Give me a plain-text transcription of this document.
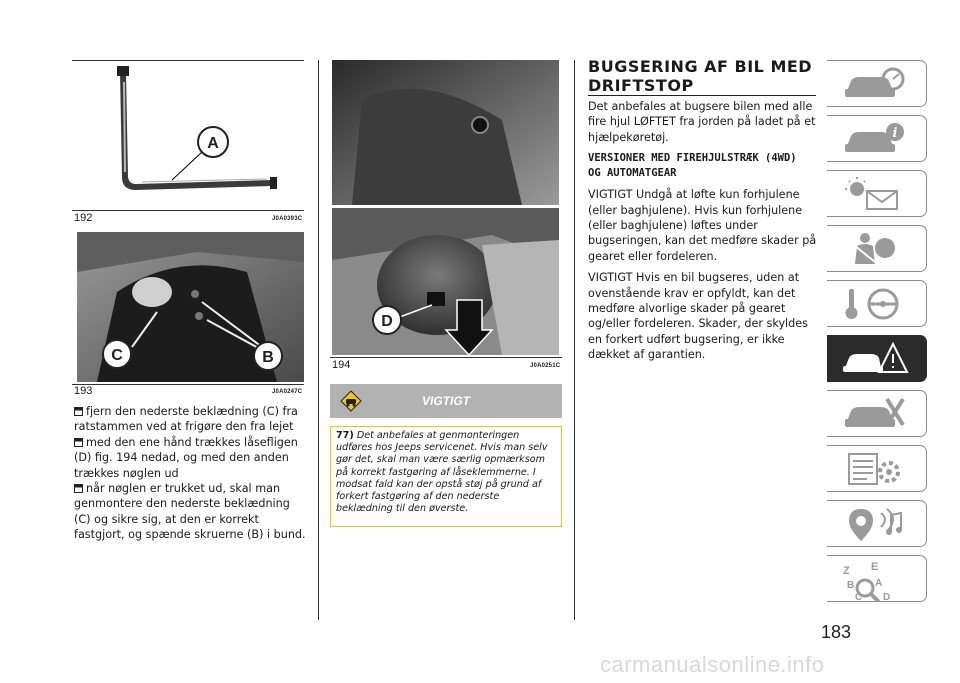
A
192	J0A0393C
C	B
193	J0A0247C
fjern den nederste beklædning (C) fra ratstammen ved at frigøre den fra lejet
med den ene hånd trækkes låsefligen (D) fig. 194 nedad, og med den anden trækkes nøglen ud
når nøglen er trukket ud, skal man genmontere den nederste beklædning (C) og sikre sig, at den er korrekt fastgjort, og spænde skruerne (B) i bund.
D
194	J0A0251C
VIGTIGT
77) Det anbefales at genmonteringen udføres hos Jeeps servicenet. Hvis man selv gør det, skal man være særlig opmærksom på korrekt fastgøring af låseklemmerne. I modsat fald kan der opstå støj på grund af forkert fastgøring af den nederste beklædning til den øverste.
BUGSERING AF BIL MED
DRIFTSTOP
Det anbefales at bugsere bilen med alle fire hjul LØFTET fra jorden på ladet på et hjælpekøretøj.
VERSIONER MED FIREHJULSTRÆK (4WD)
OG AUTOMATGEAR
VIGTIGT Undgå at løfte kun forhjulene (eller baghjulene). Hvis kun forhjulene (eller baghjulene) løftes under bugseringen, kan det medføre skader på gearet eller fordeleren.
VIGTIGT Hvis en bil bugseres, uden at ovenstående krav er opfyldt, kan det medføre alvorlige skader på gearet og/eller fordeleren. Skader, der skyldes en forkert udført bugsering, er ikke dækket af garantien.
i
Z E
B
C
A
D
183
carmanualsonline.info
